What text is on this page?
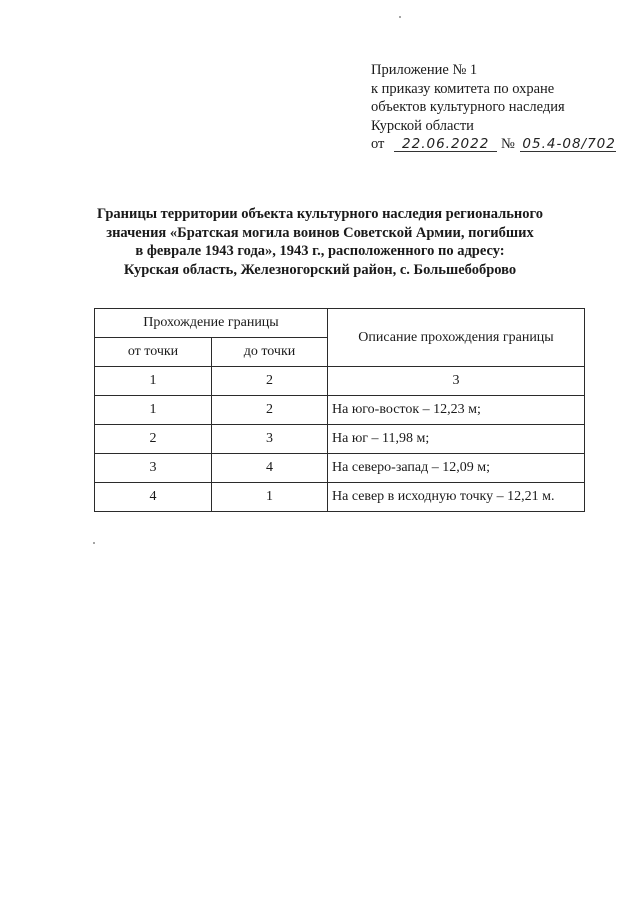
Приложение № 1
к приказу комитета по охране
объектов культурного наследия
Курской области
от 22.06.2022 № 05.4-08/702
Границы территории объекта культурного наследия регионального
значения «Братская могила воинов Советской Армии, погибших
в феврале 1943 года», 1943 г., расположенного по адресу:
Курская область, Железногорский район, с. Большебоброво
Прохождение границы		Описание прохождения границы
от точки	до точки	
1	2	3
1	2	На юго-восток – 12,23 м;
2	3	На юг – 11,98 м;
3	4	На северо-запад – 12,09 м;
4	1	На север в исходную точку – 12,21 м.
